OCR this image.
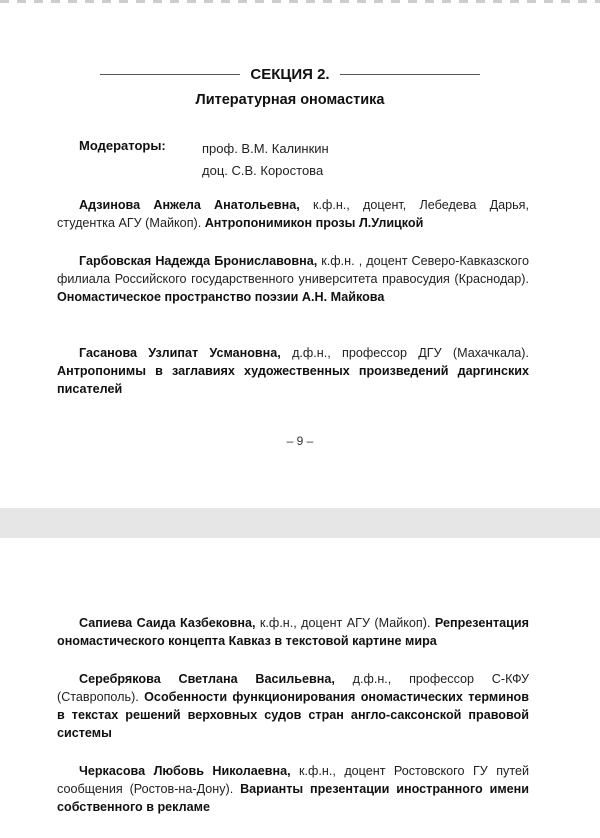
СЕКЦИЯ 2.
Литературная ономастика
Модераторы:	проф. В.М. Калинкин
доц. С.В. Коростова

Адзинова Анжела Анатольевна, к.ф.н., доцент, Лебедева Дарья, студентка АГУ (Майкоп). Антропонимикон прозы Л.Улицкой

Гарбовская Надежда Брониславовна, к.ф.н. , доцент Северо-Кавказского филиала Российского государственного университета правосудия (Краснодар). Ономастическое пространство поэзии А.Н. Майкова

Гасанова Узлипат Усмановна, д.ф.н., профессор ДГУ (Махачкала). Антропонимы в заглавиях художественных произведений даргинских писателей

– 9 –

Сапиева Саида Казбековна, к.ф.н., доцент АГУ (Майкоп). Репрезентация ономастического концепта Кавказ в текстовой картине мира

Серебрякова Светлана Васильевна, д.ф.н., профессор С-КФУ (Ставрополь). Особенности функционирования ономастических терминов в текстах решений верховных судов стран англо-саксонской правовой системы

Черкасова Любовь Николаевна, к.ф.н., доцент Ростовского ГУ путей сообщения (Ростов-на-Дону). Варианты презентации иностранного имени собственного в рекламе
